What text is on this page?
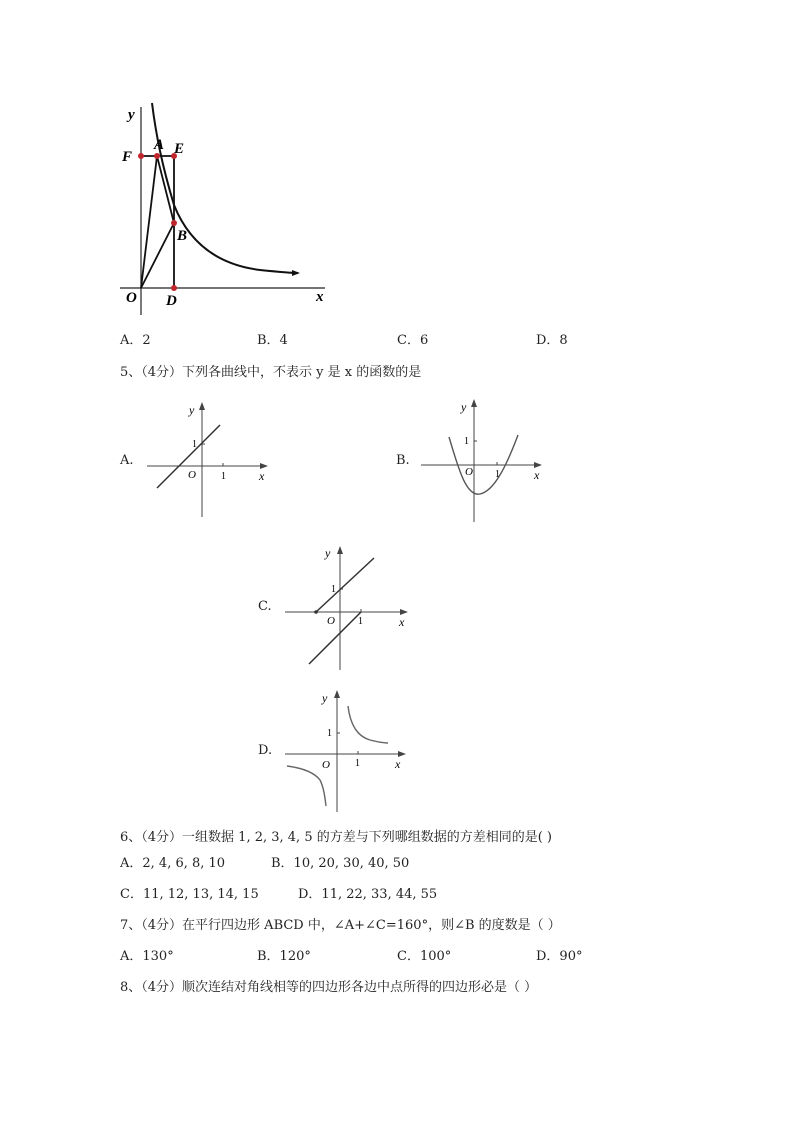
y
x
O
F
A E
B
D
A．2	B．4	C．6	D．8
5、（4分）下列各曲线中，不表示 y 是 x 的函数的是
A.
y
x
O	1
1
B.
y
x
O 1
1
C.
y
x
O 1
1
D.
y
x
O	1
1
6、（4分）一组数据 1, 2, 3, 4, 5 的方差与下列哪组数据的方差相同的是( )
A．2, 4, 6, 8, 10	B．10, 20, 30, 40, 50
C．11, 12, 13, 14, 15	D．11, 22, 33, 44, 55
7、（4分）在平行四边形 ABCD 中，∠A+∠C=160°，则∠B 的度数是（ ）
A．130°	B．120°	C．100°	D．90°
8、（4分）顺次连结对角线相等的四边形各边中点所得的四边形必是（ ）
